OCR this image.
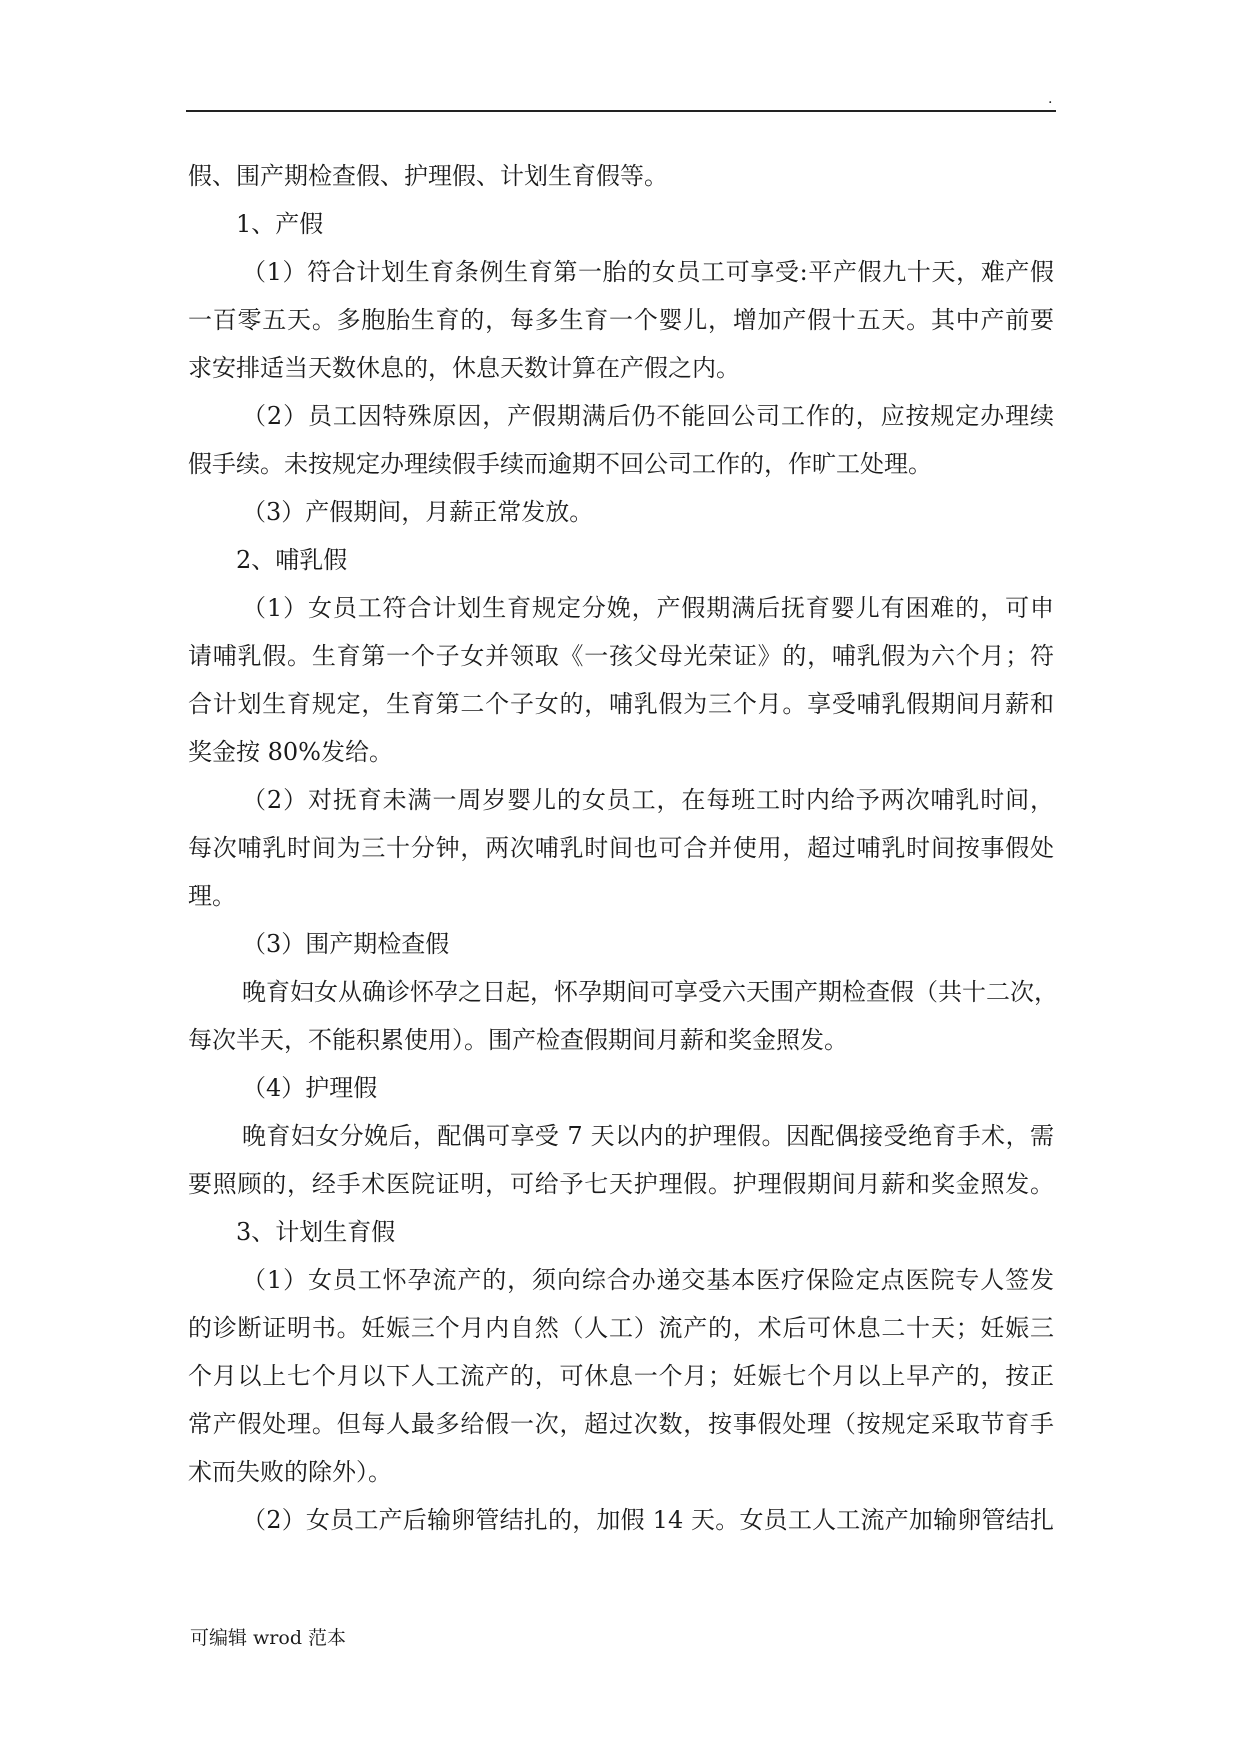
.
假、围产期检查假、护理假、计划生育假等。
1、产假
（1）符合计划生育条例生育第一胎的女员工可享受:平产假九十天，难产假
一百零五天。多胞胎生育的，每多生育一个婴儿，增加产假十五天。其中产前要
求安排适当天数休息的，休息天数计算在产假之内。
（2）员工因特殊原因，产假期满后仍不能回公司工作的，应按规定办理续
假手续。未按规定办理续假手续而逾期不回公司工作的，作旷工处理。
（3）产假期间，月薪正常发放。
2、哺乳假
（1）女员工符合计划生育规定分娩，产假期满后抚育婴儿有困难的，可申
请哺乳假。生育第一个子女并领取《一孩父母光荣证》的，哺乳假为六个月；符
合计划生育规定，生育第二个子女的，哺乳假为三个月。享受哺乳假期间月薪和
奖金按 80%发给。
（2）对抚育未满一周岁婴儿的女员工，在每班工时内给予两次哺乳时间，
每次哺乳时间为三十分钟，两次哺乳时间也可合并使用，超过哺乳时间按事假处
理。
（3）围产期检查假
晚育妇女从确诊怀孕之日起，怀孕期间可享受六天围产期检查假（共十二次，
每次半天，不能积累使用）。围产检查假期间月薪和奖金照发。
（4）护理假
晚育妇女分娩后，配偶可享受 7 天以内的护理假。因配偶接受绝育手术，需
要照顾的，经手术医院证明，可给予七天护理假。护理假期间月薪和奖金照发。
3、计划生育假
（1）女员工怀孕流产的，须向综合办递交基本医疗保险定点医院专人签发
的诊断证明书。妊娠三个月内自然（人工）流产的，术后可休息二十天；妊娠三
个月以上七个月以下人工流产的，可休息一个月；妊娠七个月以上早产的，按正
常产假处理。但每人最多给假一次，超过次数，按事假处理（按规定采取节育手
术而失败的除外）。
（2）女员工产后输卵管结扎的，加假 14 天。女员工人工流产加输卵管结扎
可编辑 wrod 范本
